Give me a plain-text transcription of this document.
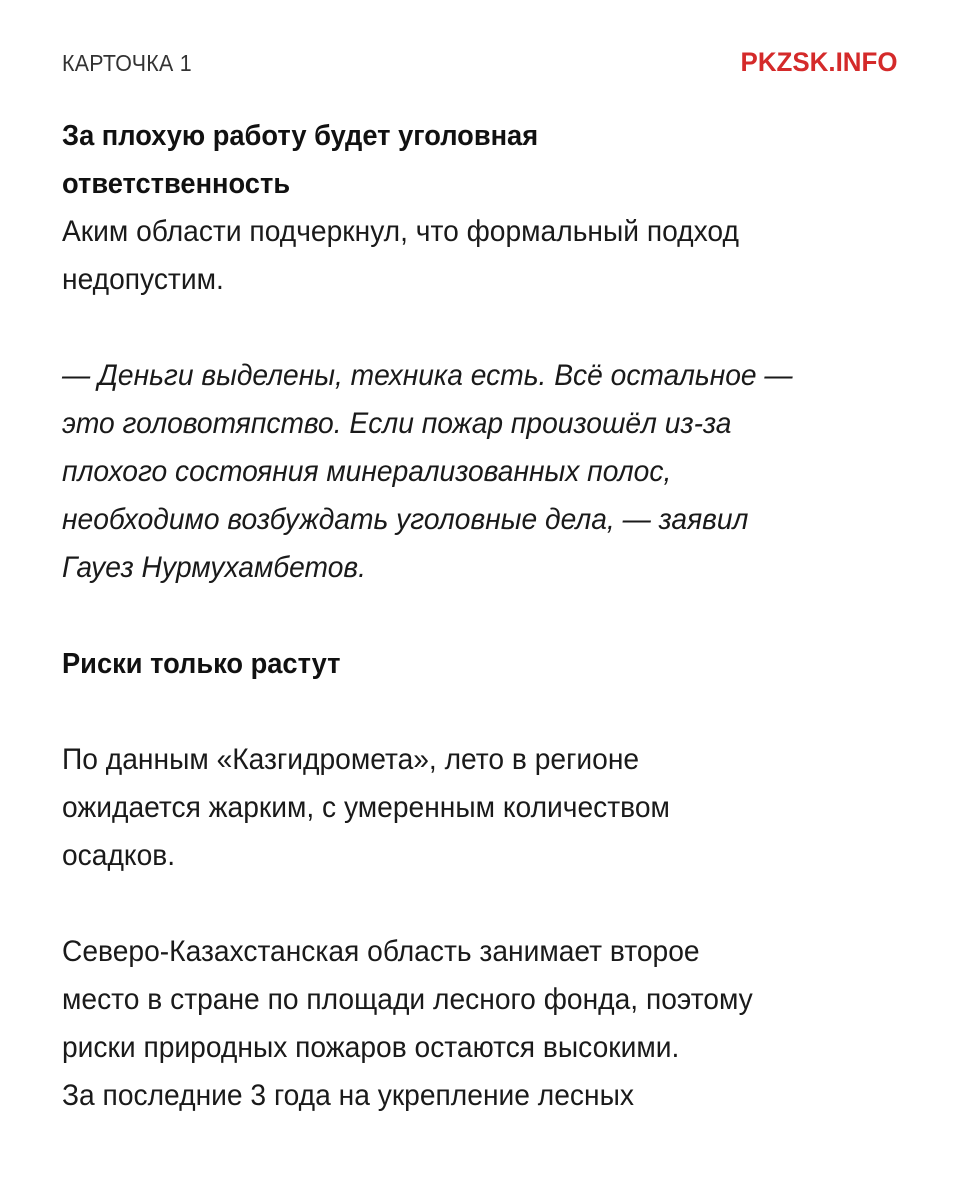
КАРТОЧКА 1	PKZSK.INFO
За плохую работу будет уголовная
ответственность
Аким области подчеркнул, что формальный подход
недопустим.
— Деньги выделены, техника есть. Всё остальное —
это головотяпство. Если пожар произошёл из-за
плохого состояния минерализованных полос,
необходимо возбуждать уголовные дела, — заявил
Гауез Нурмухамбетов.
Риски только растут
По данным «Казгидромета», лето в регионе
ожидается жарким, с умеренным количеством
осадков.
Северо-Казахстанская область занимает второе
место в стране по площади лесного фонда, поэтому
риски природных пожаров остаются высокими.
За последние 3 года на укрепление лесных
